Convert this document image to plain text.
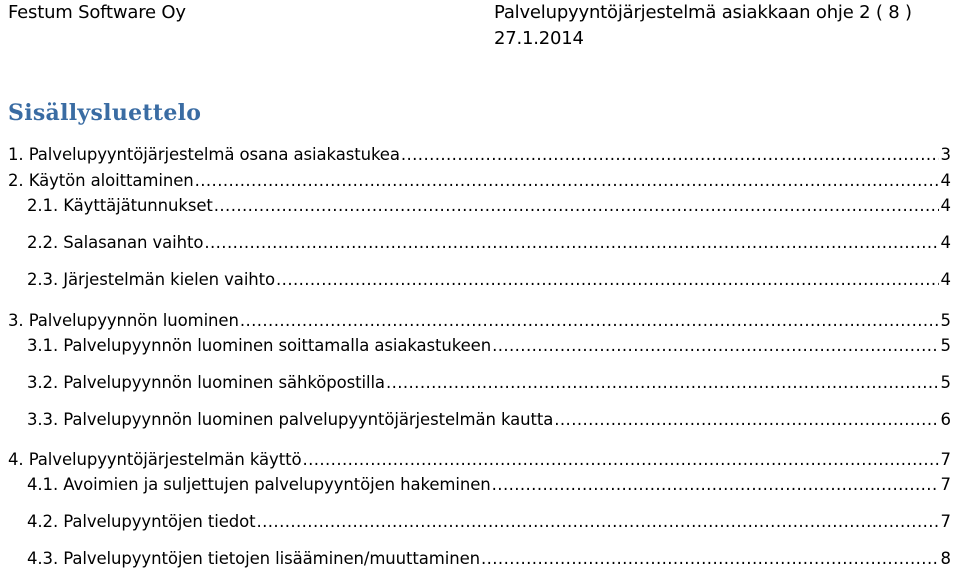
Festum Software Oy	Palvelupyyntöjärjestelmä asiakkaan ohje 2 ( 8 )
27.1.2014
Sisällysluettelo
1. Palvelupyyntöjärjestelmä osana asiakastukea .....	3
2. Käytön aloittaminen .....	4
2.1. Käyttäjätunnukset .....	4
2.2. Salasanan vaihto .....	4
2.3. Järjestelmän kielen vaihto .....	4
3. Palvelupyynnön luominen .....	5
3.1. Palvelupyynnön luominen soittamalla asiakastukeen .....	5
3.2. Palvelupyynnön luominen sähköpostilla .....	5
3.3. Palvelupyynnön luominen palvelupyyntöjärjestelmän kautta .....	6
4. Palvelupyyntöjärjestelmän käyttö .....	7
4.1. Avoimien ja suljettujen palvelupyyntöjen hakeminen .....	7
4.2. Palvelupyyntöjen tiedot .....	7
4.3. Palvelupyyntöjen tietojen lisääminen/muuttaminen .....	8
